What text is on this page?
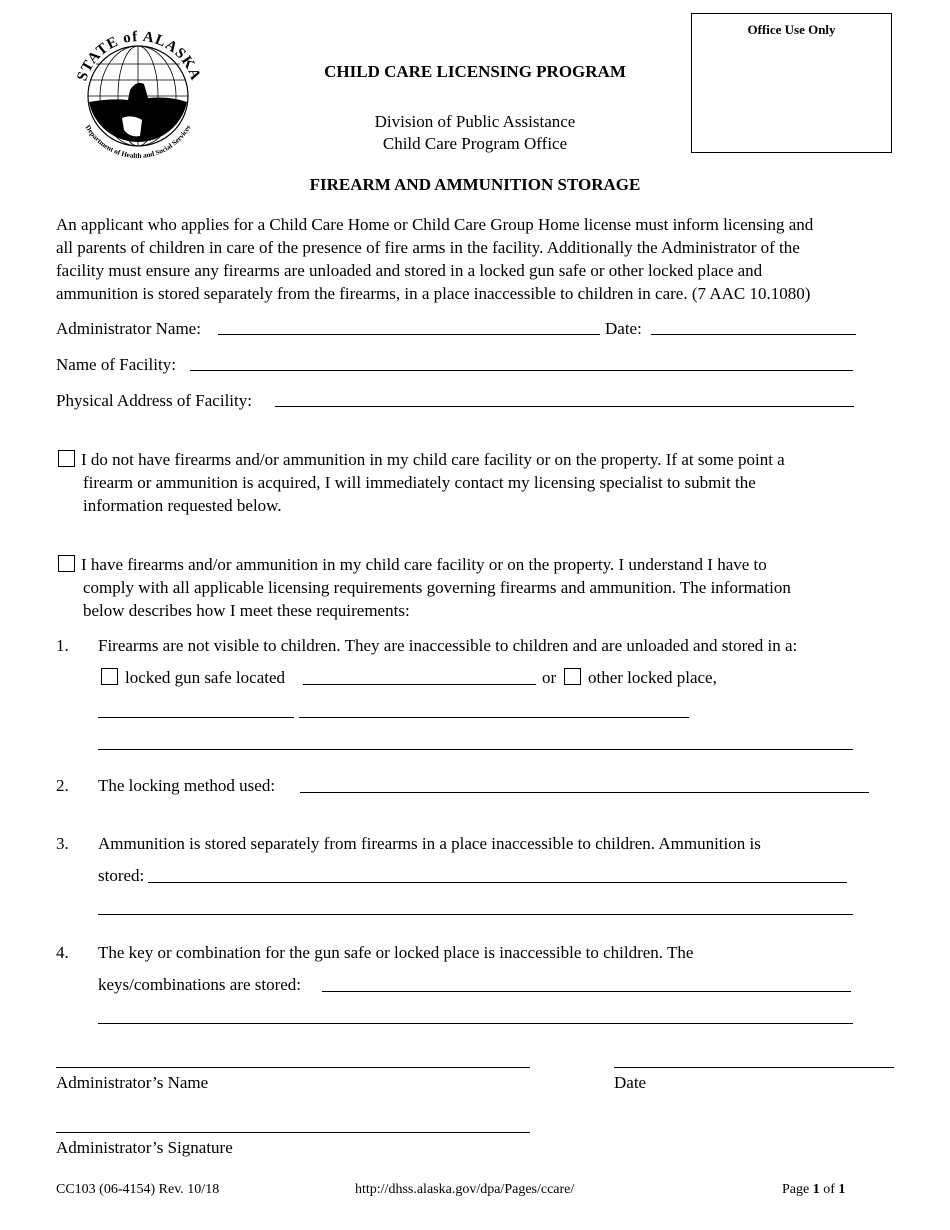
STATE of ALASKA
Department of Health and Social Services
CHILD CARE LICENSING PROGRAM
Division of Public Assistance
Child Care Program Office
FIREARM AND AMMUNITION STORAGE
Office Use Only
An applicant who applies for a Child Care Home or Child Care Group Home license must inform licensing and
all parents of children in care of the presence of fire arms in the facility. Additionally the Administrator of the
facility must ensure any firearms are unloaded and stored in a locked gun safe or other locked place and
ammunition is stored separately from the firearms, in a place inaccessible to children in care. (7 AAC 10.1080)
Administrator Name:	Date:
Name of Facility:
Physical Address of Facility:
I do not have firearms and/or ammunition in my child care facility or on the property. If at some point a
firearm or ammunition is acquired, I will immediately contact my licensing specialist to submit the
information requested below.
I have firearms and/or ammunition in my child care facility or on the property. I understand I have to
comply with all applicable licensing requirements governing firearms and ammunition. The information
below describes how I meet these requirements:
1. Firearms are not visible to children. They are inaccessible to children and are unloaded and stored in a:
locked gun safe located	or other locked place,
2. The locking method used:
3. Ammunition is stored separately from firearms in a place inaccessible to children. Ammunition is
stored:
4. The key or combination for the gun safe or locked place is inaccessible to children. The
keys/combinations are stored:
Administrator’s Name	Date
Administrator’s Signature
CC103 (06-4154) Rev. 10/18	http://dhss.alaska.gov/dpa/Pages/ccare/	Page 1 of 1
